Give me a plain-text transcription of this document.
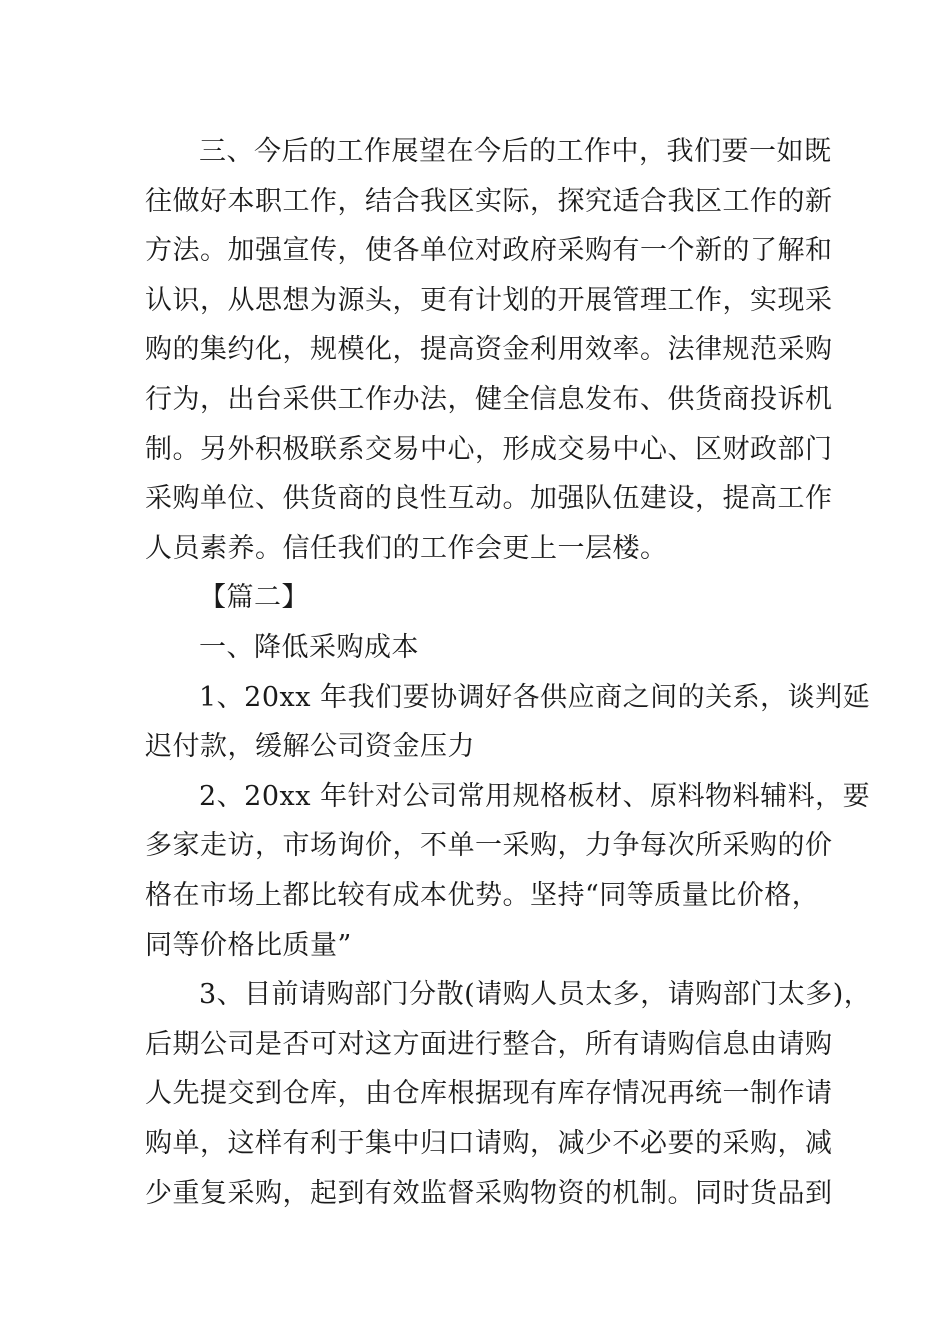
三、今后的工作展望在今后的工作中，我们要一如既
往做好本职工作，结合我区实际，探究适合我区工作的新
方法。加强宣传，使各单位对政府采购有一个新的了解和
认识，从思想为源头，更有计划的开展管理工作，实现采
购的集约化，规模化，提高资金利用效率。法律规范采购
行为，出台采供工作办法，健全信息发布、供货商投诉机
制。另外积极联系交易中心，形成交易中心、区财政部门
采购单位、供货商的良性互动。加强队伍建设，提高工作
人员素养。信任我们的工作会更上一层楼。
【篇二】
一、降低采购成本
1、20xx 年我们要协调好各供应商之间的关系，谈判延
迟付款，缓解公司资金压力
2、20xx 年针对公司常用规格板材、原料物料辅料，要
多家走访，市场询价，不单一采购，力争每次所采购的价
格在市场上都比较有成本优势。坚持“同等质量比价格，
同等价格比质量”
3、目前请购部门分散(请购人员太多，请购部门太多)，
后期公司是否可对这方面进行整合，所有请购信息由请购
人先提交到仓库，由仓库根据现有库存情况再统一制作请
购单，这样有利于集中归口请购，减少不必要的采购，减
少重复采购，起到有效监督采购物资的机制。同时货品到
